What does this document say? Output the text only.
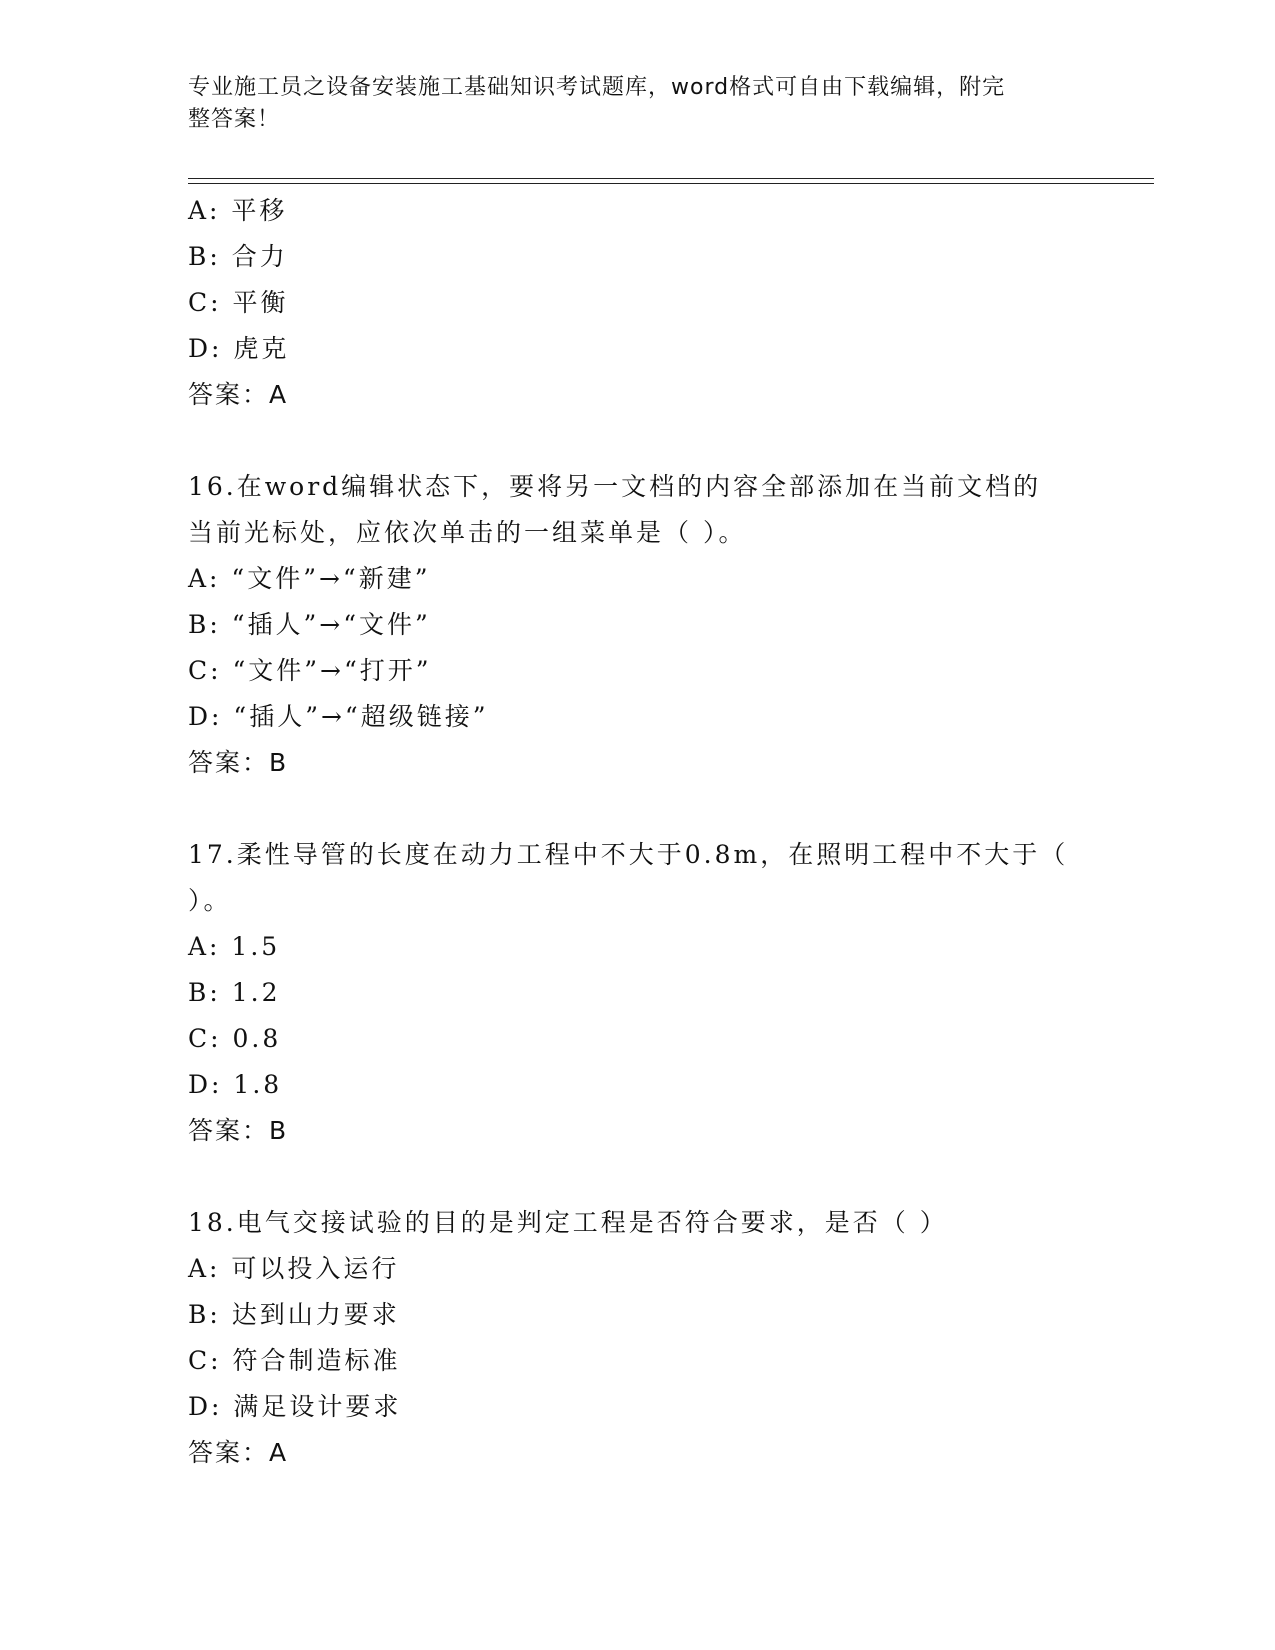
专业施工员之设备安装施工基础知识考试题库，word格式可自由下载编辑，附完
整答案！
A: 平移
B: 合力
C: 平衡
D: 虎克
答案：A
16.在word编辑状态下，要将另一文档的内容全部添加在当前文档的
当前光标处，应依次单击的一组菜单是（ ）。
A: “文件”→“新建”
B: “插人”→“文件”
C: “文件”→“打开”
D: “插人”→“超级链接”
答案：B
17.柔性导管的长度在动力工程中不大于0.8m，在照明工程中不大于（
）。
A: 1.5
B: 1.2
C: 0.8
D: 1.8
答案：B
18.电气交接试验的目的是判定工程是否符合要求，是否（ ）
A: 可以投入运行
B: 达到山力要求
C: 符合制造标准
D: 满足设计要求
答案：A
